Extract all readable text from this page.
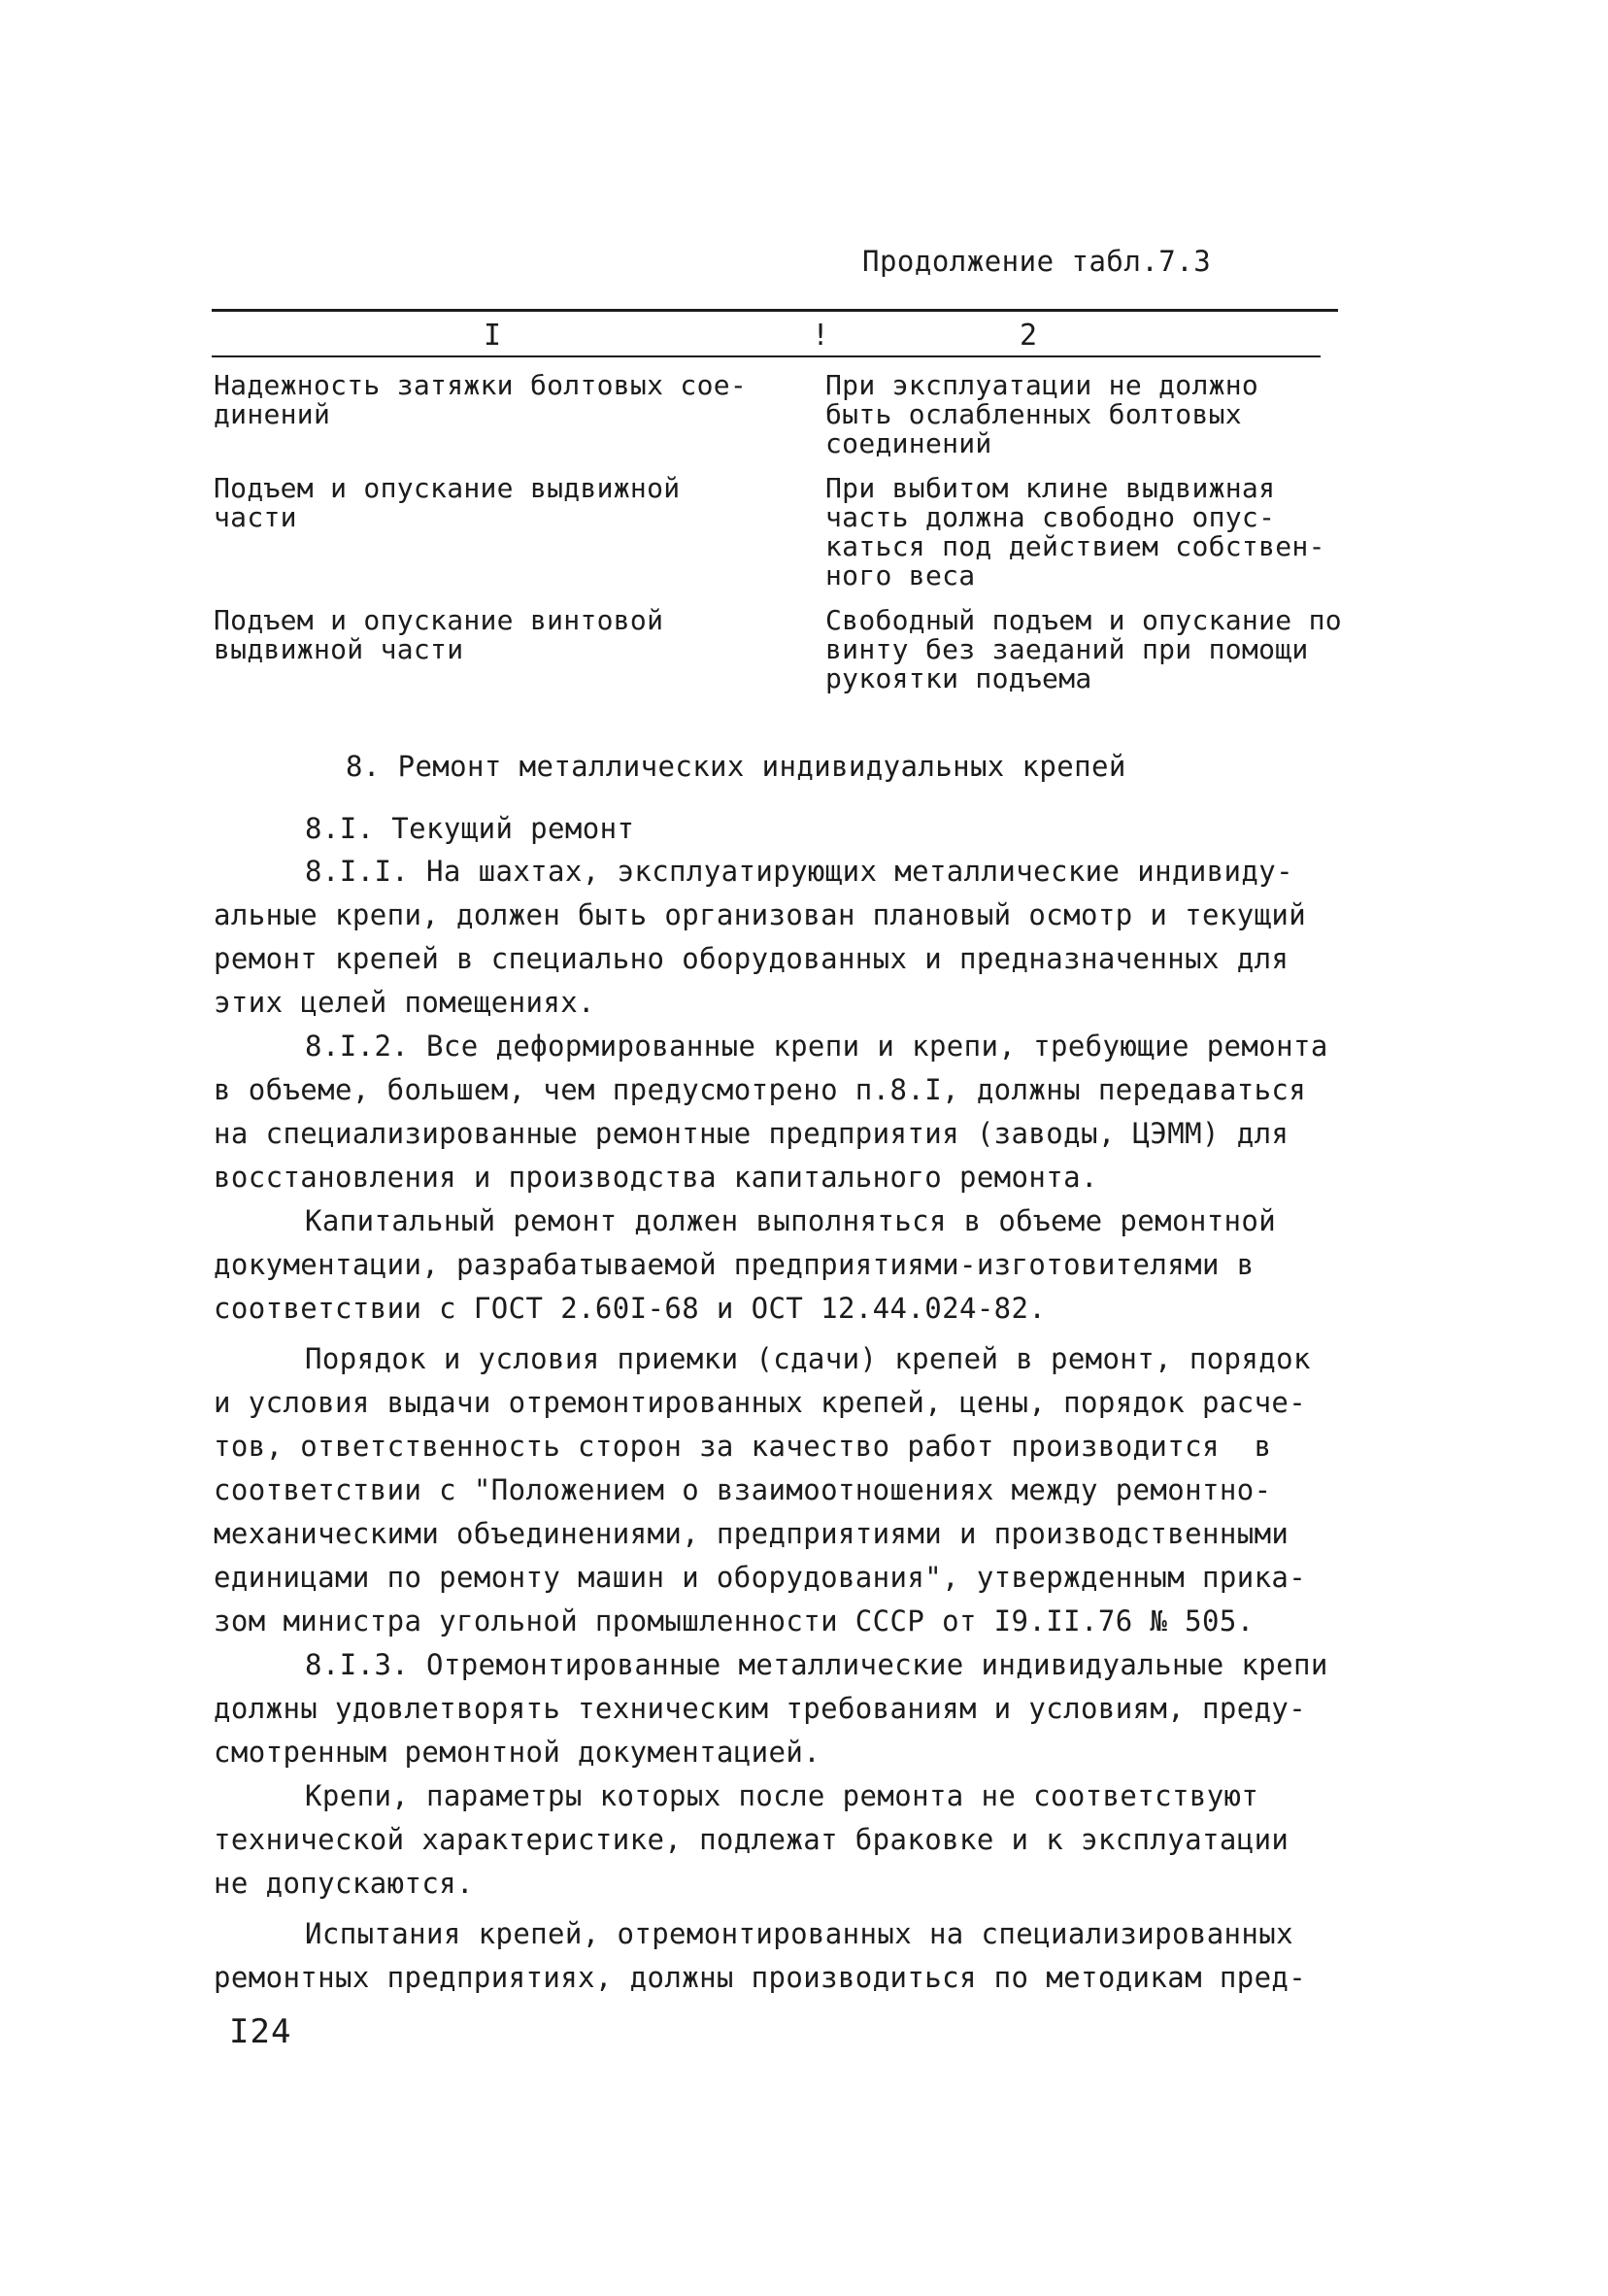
Продолжение табл.7.3
I	!	2
Надежность затяжки болтовых сое-
динений
При эксплуатации не должно
быть ослабленных болтовых
соединений
Подъем и опускание выдвижной
части
При выбитом клине выдвижная
часть должна свободно опус-
каться под действием собствен-
ного веса
Подъем и опускание винтовой
выдвижной части
Свободный подъем и опускание по
винту без заеданий при помощи
рукоятки подъема
8. Ремонт металлических индивидуальных крепей
8.I. Текущий ремонт
8.I.I. На шахтах, эксплуатирующих металлические индивиду-
альные крепи, должен быть организован плановый осмотр и текущий
ремонт крепей в специально оборудованных и предназначенных для
этих целей помещениях.
8.I.2. Все деформированные крепи и крепи, требующие ремонта
в объеме, большем, чем предусмотрено п.8.I, должны передаваться
на специализированные ремонтные предприятия (заводы, ЦЭММ) для
восстановления и производства капитального ремонта.
Капитальный ремонт должен выполняться в объеме ремонтной
документации, разрабатываемой предприятиями-изготовителями в
соответствии с ГОСТ 2.60I-68 и ОСТ 12.44.024-82.
Порядок и условия приемки (сдачи) крепей в ремонт, порядок
и условия выдачи отремонтированных крепей, цены, порядок расче-
тов, ответственность сторон за качество работ производится  в
соответствии с "Положением о взаимоотношениях между ремонтно-
механическими объединениями, предприятиями и производственными
единицами по ремонту машин и оборудования", утвержденным прика-
зом министра угольной промышленности СССР от I9.II.76 № 505.
8.I.3. Отремонтированные металлические индивидуальные крепи
должны удовлетворять техническим требованиям и условиям, преду-
смотренным ремонтной документацией.
Крепи, параметры которых после ремонта не соответствуют
технической характеристике, подлежат браковке и к эксплуатации
не допускаются.
Испытания крепей, отремонтированных на специализированных
ремонтных предприятиях, должны производиться по методикам пред-
I24
